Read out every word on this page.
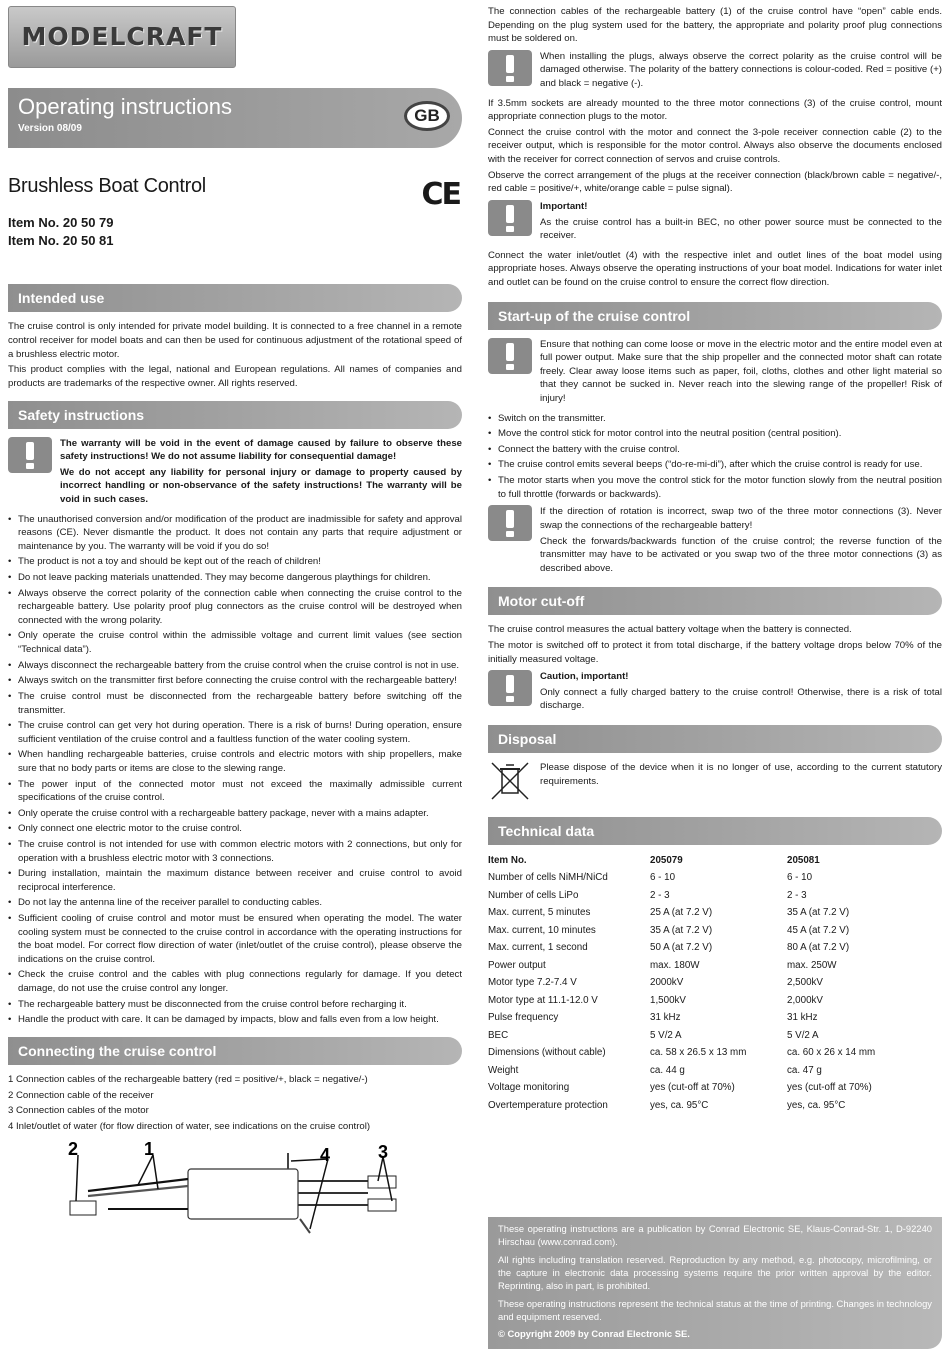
MODELCRAFT
Operating instructions
Version 08/09
GB
Brushless Boat Control	CE
Item No. 20 50 79
Item No. 20 50 81
Intended use

The cruise control is only intended for private model building. It is connected to a free channel in a remote control receiver for model boats and can then be used for continuous adjustment of the rotational speed of a brushless electric motor.

This product complies with the legal, national and European regulations. All names of companies and products are trademarks of the respective owner. All rights reserved.

Safety instructions

The warranty will be void in the event of damage caused by failure to observe these safety instructions! We do not assume liability for consequential damage!

We do not accept any liability for personal injury or damage to property caused by incorrect handling or non-observance of the safety instructions! The warranty will be void in such cases.

• The unauthorised conversion and/or modification of the product are inadmissible for safety and approval reasons (CE). Never dismantle the product. It does not contain any parts that require adjustment or maintenance by you. The warranty will be void if you do so!
• The product is not a toy and should be kept out of the reach of children!
• Do not leave packing materials unattended. They may become dangerous playthings for children.
• Always observe the correct polarity of the connection cable when connecting the cruise control to the rechargeable battery. Use polarity proof plug connectors as the cruise control will be destroyed when connected with the wrong polarity.
• Only operate the cruise control within the admissible voltage and current limit values (see section “Technical data”).
• Always disconnect the rechargeable battery from the cruise control when the cruise control is not in use.
• Always switch on the transmitter first before connecting the cruise control with the rechargeable battery!
• The cruise control must be disconnected from the rechargeable battery before switching off the transmitter.
• The cruise control can get very hot during operation. There is a risk of burns! During operation, ensure sufficient ventilation of the cruise control and a faultless function of the water cooling system.
• When handling rechargeable batteries, cruise controls and electric motors with ship propellers, make sure that no body parts or items are close to the slewing range.
• The power input of the connected motor must not exceed the maximally admissible current specifications of the cruise control.
• Only operate the cruise control with a rechargeable battery package, never with a mains adapter.
• Only connect one electric motor to the cruise control.
• The cruise control is not intended for use with common electric motors with 2 connections, but only for operation with a brushless electric motor with 3 connections.
• During installation, maintain the maximum distance between receiver and cruise control to avoid reciprocal interference.
• Do not lay the antenna line of the receiver parallel to conducting cables.
• Sufficient cooling of cruise control and motor must be ensured when operating the model. The water cooling system must be connected to the cruise control in accordance with the operating instructions for the boat model. For correct flow direction of water (inlet/outlet of the cruise control), please observe the indications on the cruise control.
• Check the cruise control and the cables with plug connections regularly for damage. If you detect damage, do not use the cruise control any longer.
• The rechargeable battery must be disconnected from the cruise control before recharging it.
• Handle the product with care. It can be damaged by impacts, blow and falls even from a low height.
Connecting the cruise control
1 Connection cables of the rechargeable battery (red = positive/+, black = negative/-)
2 Connection cable of the receiver
3 Connection cables of the motor
4 Inlet/outlet of water (for flow direction of water, see indications on the cruise control)
2	1	4	3

The connection cables of the rechargeable battery (1) of the cruise control have “open” cable ends. Depending on the plug system used for the battery, the appropriate and polarity proof plug connections must be soldered on.

When installing the plugs, always observe the correct polarity as the cruise control will be damaged otherwise. The polarity of the battery connections is colour-coded. Red = positive (+) and black = negative (-).

If 3.5mm sockets are already mounted to the three motor connections (3) of the cruise control, mount appropriate connection plugs to the motor.

Connect the cruise control with the motor and connect the 3-pole receiver connection cable (2) to the receiver output, which is responsible for the motor control. Always also observe the documents enclosed with the receiver for correct connection of servos and cruise controls.

Observe the correct arrangement of the plugs at the receiver connection (black/brown cable = negative/-, red cable = positive/+, white/orange cable = pulse signal).

Important!

As the cruise control has a built-in BEC, no other power source must be connected to the receiver.

Connect the water inlet/outlet (4) with the respective inlet and outlet lines of the boat model using appropriate hoses. Always observe the operating instructions of your boat model. Indications for water inlet and outlet can be found on the cruise control to ensure the correct flow direction.

Start-up of the cruise control

Ensure that nothing can come loose or move in the electric motor and the entire model even at full power output. Make sure that the ship propeller and the connected motor shaft can rotate freely. Clear away loose items such as paper, foil, cloths, clothes and other light material so that they cannot be sucked in. Never reach into the slewing range of the propeller! Risk of injury!

• Switch on the transmitter.
• Move the control stick for motor control into the neutral position (central position).
• Connect the battery with the cruise control.
• The cruise control emits several beeps (“do-re-mi-di”), after which the cruise control is ready for use.
• The motor starts when you move the control stick for the motor function slowly from the neutral position to full throttle (forwards or backwards).

If the direction of rotation is incorrect, swap two of the three motor connections (3). Never swap the connections of the rechargeable battery!

Check the forwards/backwards function of the cruise control; the reverse function of the transmitter may have to be activated or you swap two of the three motor connections (3) as described above.

Motor cut-off

The cruise control measures the actual battery voltage when the battery is connected.

The motor is switched off to protect it from total discharge, if the battery voltage drops below 70% of the initially measured voltage.

Caution, important!

Only connect a fully charged battery to the cruise control! Otherwise, there is a risk of total discharge.

Disposal

Please dispose of the device when it is no longer of use, according to the current statutory requirements.

Technical data
Item No.	205079	205081
Number of cells NiMH/NiCd	6 - 10	6 - 10
Number of cells LiPo	2 - 3	2 - 3
Max. current, 5 minutes	25 A (at 7.2 V)	35 A (at 7.2 V)
Max. current, 10 minutes	35 A (at 7.2 V)	45 A (at 7.2 V)
Max. current, 1 second	50 A (at 7.2 V)	80 A (at 7.2 V)
Power output	max. 180W	max. 250W
Motor type 7.2-7.4 V	2000kV	2,500kV
Motor type at 11.1-12.0 V	1,500kV	2,000kV
Pulse frequency	31 kHz	31 kHz
BEC	5 V/2 A	5 V/2 A
Dimensions (without cable)	ca. 58 x 26.5 x 13 mm	ca. 60 x 26 x 14 mm
Weight	ca. 44 g	ca. 47 g
Voltage monitoring	yes (cut-off at 70%)	yes (cut-off at 70%)
Overtemperature protection	yes, ca. 95°C	yes, ca. 95°C

These operating instructions are a publication by Conrad Electronic SE, Klaus-Conrad-Str. 1, D-92240 Hirschau (www.conrad.com).

All rights including translation reserved. Reproduction by any method, e.g. photocopy, microfilming, or the capture in electronic data processing systems require the prior written approval by the editor. Reprinting, also in part, is prohibited.

These operating instructions represent the technical status at the time of printing. Changes in technology and equipment reserved.

© Copyright 2009 by Conrad Electronic SE.
